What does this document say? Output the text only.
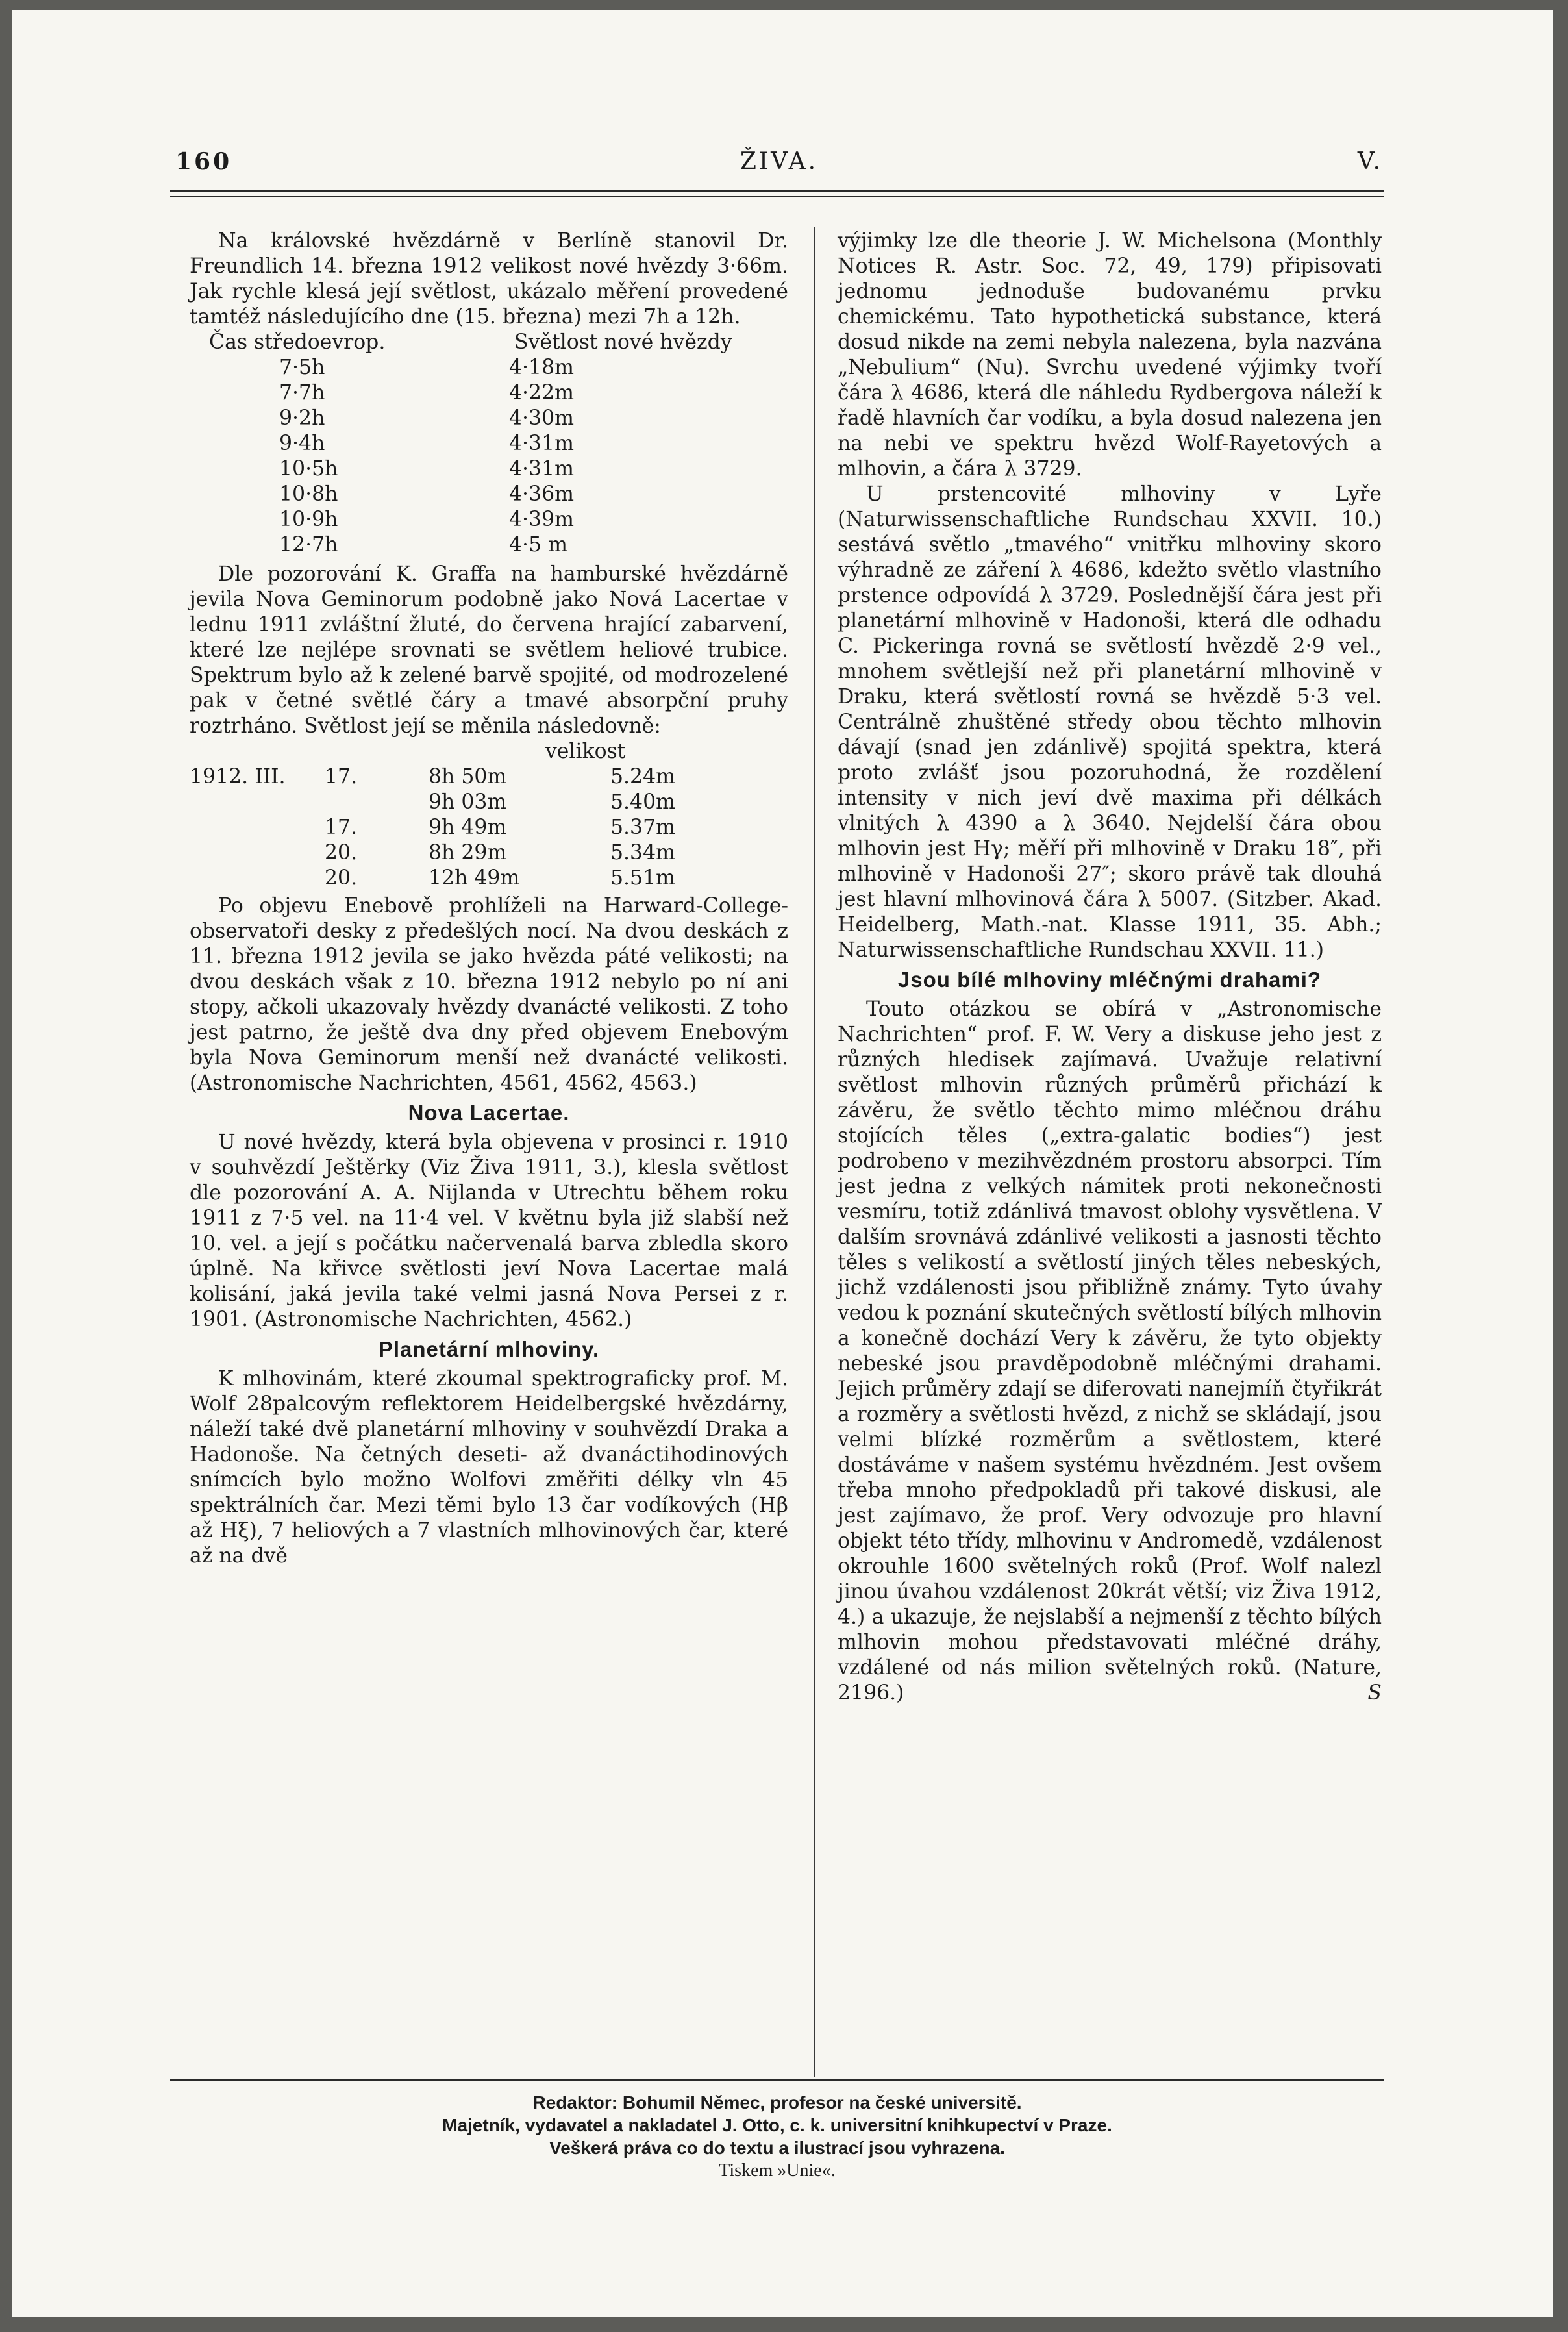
160	ŽIVA.	V.

Na královské hvězdárně v Berlíně stanovil Dr. Freundlich 14. března 1912 velikost nové hvězdy 3·66m. Jak rychle klesá její světlost, ukázalo měření provedené tamtéž následujícího dne (15. března) mezi 7h a 12h.

Čas středoevrop.	Světlost nové hvězdy
7·5h	4·18m
7·7h	4·22m
9·2h	4·30m
9·4h	4·31m
10·5h	4·31m
10·8h	4·36m
10·9h	4·39m
12·7h	4·5 m

Dle pozorování K. Graffa na hamburské hvězdárně jevila Nova Geminorum podobně jako Nová Lacertae v lednu 1911 zvláštní žluté, do červena hrající zabarvení, které lze nejlépe srovnati se světlem heliové trubice. Spektrum bylo až k zelené barvě spojité, od modrozelené pak v četné světlé čáry a tmavé absorpční pruhy roztrháno. Světlost její se měnila následovně:

velikost
1912. III.	17.	8h 50m	5.24m
		9h 03m	5.40m
	17.	9h 49m	5.37m
	20.	8h 29m	5.34m
	20.	12h 49m	5.51m

Po objevu Enebově prohlíželi na Harward-College-observatoři desky z předešlých nocí. Na dvou deskách z 11. března 1912 jevila se jako hvězda páté velikosti; na dvou deskách však z 10. března 1912 nebylo po ní ani stopy, ačkoli ukazovaly hvězdy dvanácté velikosti. Z toho jest patrno, že ještě dva dny před objevem Enebovým byla Nova Geminorum menší než dvanácté velikosti. (Astronomische Nachrichten, 4561, 4562, 4563.)

Nova Lacertae.

U nové hvězdy, která byla objevena v prosinci r. 1910 v souhvězdí Ještěrky (Viz Živa 1911, 3.), klesla světlost dle pozorování A. A. Nijlanda v Utrechtu během roku 1911 z 7·5 vel. na 11·4 vel. V květnu byla již slabší než 10. vel. a její s počátku načervenalá barva zbledla skoro úplně. Na křivce světlosti jeví Nova Lacertae malá kolisání, jaká jevila také velmi jasná Nova Persei z r. 1901. (Astronomische Nachrichten, 4562.)

Planetární mlhoviny.

K mlhovinám, které zkoumal spektrograficky prof. M. Wolf 28palcovým reflektorem Heidelbergské hvězdárny, náleží také dvě planetární mlhoviny v souhvězdí Draka a Hadonoše. Na četných deseti- až dvanáctihodinových snímcích bylo možno Wolfovi změřiti délky vln 45 spektrálních čar. Mezi těmi bylo 13 čar vodíkových (Hβ až Hξ), 7 heliových a 7 vlastních mlhovinových čar, které až na dvě

výjimky lze dle theorie J. W. Michelsona (Monthly Notices R. Astr. Soc. 72, 49, 179) připisovati jednomu jednoduše budovanému prvku chemickému. Tato hypothetická substance, která dosud nikde na zemi nebyla nalezena, byla nazvána „Nebulium“ (Nu). Svrchu uvedené výjimky tvoří čára λ 4686, která dle náhledu Rydbergova náleží k řadě hlavních čar vodíku, a byla dosud nalezena jen na nebi ve spektru hvězd Wolf-Rayetových a mlhovin, a čára λ 3729.

U prstencovité mlhoviny v Lyře (Naturwissenschaftliche Rundschau XXVII. 10.) sestává světlo „tmavého“ vnitřku mlhoviny skoro výhradně ze záření λ 4686, kdežto světlo vlastního prstence odpovídá λ 3729. Poslednější čára jest při planetární mlhovině v Hadonoši, která dle odhadu C. Pickeringa rovná se světlostí hvězdě 2·9 vel., mnohem světlejší než při planetární mlhovině v Draku, která světlostí rovná se hvězdě 5·3 vel. Centrálně zhuštěné středy obou těchto mlhovin dávají (snad jen zdánlivě) spojitá spektra, která proto zvlášť jsou pozoruhodná, že rozdělení intensity v nich jeví dvě maxima při délkách vlnitých λ 4390 a λ 3640. Nejdelší čára obou mlhovin jest Hγ; měří při mlhovině v Draku 18″, při mlhovině v Hadonoši 27″; skoro právě tak dlouhá jest hlavní mlhovinová čára λ 5007. (Sitzber. Akad. Heidelberg, Math.-nat. Klasse 1911, 35. Abh.; Naturwissenschaftliche Rundschau XXVII. 11.)

Jsou bílé mlhoviny mléčnými drahami?

Touto otázkou se obírá v „Astronomische Nachrichten“ prof. F. W. Very a diskuse jeho jest z různých hledisek zajímavá. Uvažuje relativní světlost mlhovin různých průměrů přichází k závěru, že světlo těchto mimo mléčnou dráhu stojících těles („extra-galatic bodies“) jest podrobeno v mezihvězdném prostoru absorpci. Tím jest jedna z velkých námitek proti nekonečnosti vesmíru, totiž zdánlivá tmavost oblohy vysvětlena. V dalším srovnává zdánlivé velikosti a jasnosti těchto těles s velikostí a světlostí jiných těles nebeských, jichž vzdálenosti jsou přibližně známy. Tyto úvahy vedou k poznání skutečných světlostí bílých mlhovin a konečně dochází Very k závěru, že tyto objekty nebeské jsou pravděpodobně mléčnými drahami. Jejich průměry zdají se diferovati nanejmíň čtyřikrát a rozměry a světlosti hvězd, z nichž se skládají, jsou velmi blízké rozměrům a světlostem, které dostáváme v našem systému hvězdném. Jest ovšem třeba mnoho předpokladů při takové diskusi, ale jest zajímavo, že prof. Very odvozuje pro hlavní objekt této třídy, mlhovinu v Andromedě, vzdálenost okrouhle 1600 světelných roků (Prof. Wolf nalezl jinou úvahou vzdálenost 20krát větší; viz Živa 1912, 4.) a ukazuje, že nejslabší a nejmenší z těchto bílých mlhovin mohou představovati mléčné dráhy, vzdálené od nás milion světelných roků. (Nature, 2196.)	S

Redaktor: Bohumil Němec, profesor na české universitě.

Majetník, vydavatel a nakladatel J. Otto, c. k. universitní knihkupectví v Praze.

Veškerá práva co do textu a ilustrací jsou vyhrazena.

Tiskem »Unie«.
